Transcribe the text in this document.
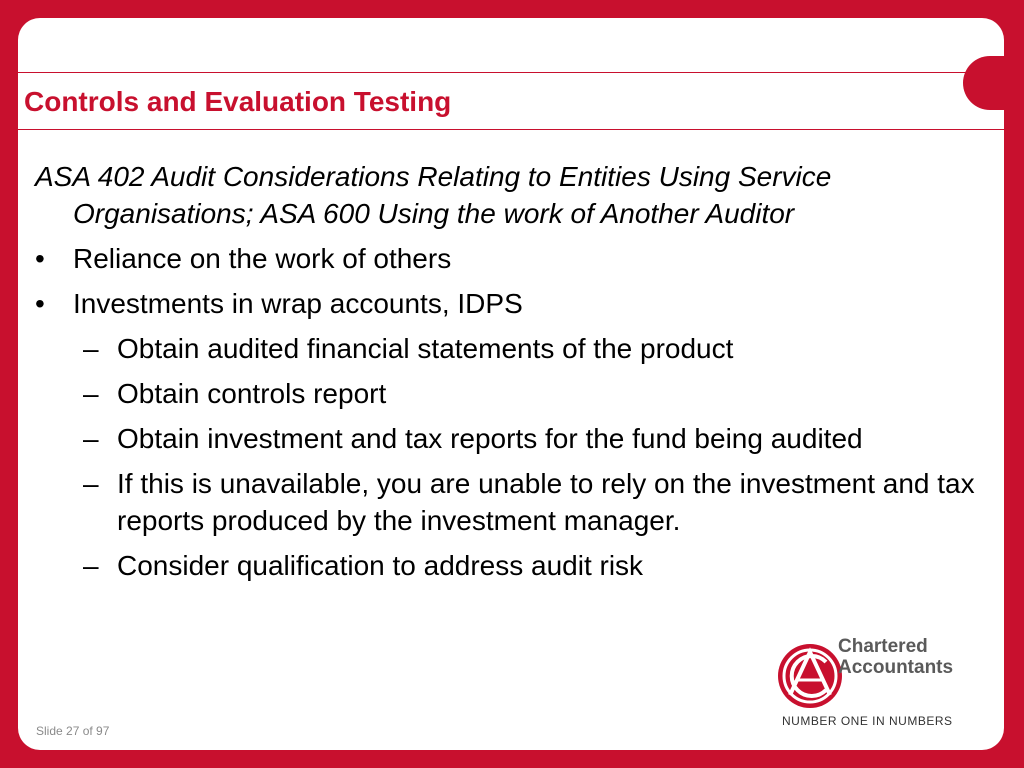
Controls and Evaluation Testing
ASA 402 Audit Considerations Relating to Entities Using Service Organisations; ASA 600 Using the work of Another Auditor
•	Reliance on the work of others
•	Investments in wrap accounts, IDPS
– Obtain audited financial statements of the product
– Obtain controls report
– Obtain investment and tax reports for the fund being audited
– If this is unavailable, you are unable to rely on the investment and tax reports produced by the investment manager.
– Consider qualification to address audit risk
Slide 27 of 97
Chartered
Accountants
NUMBER ONE IN NUMBERS
